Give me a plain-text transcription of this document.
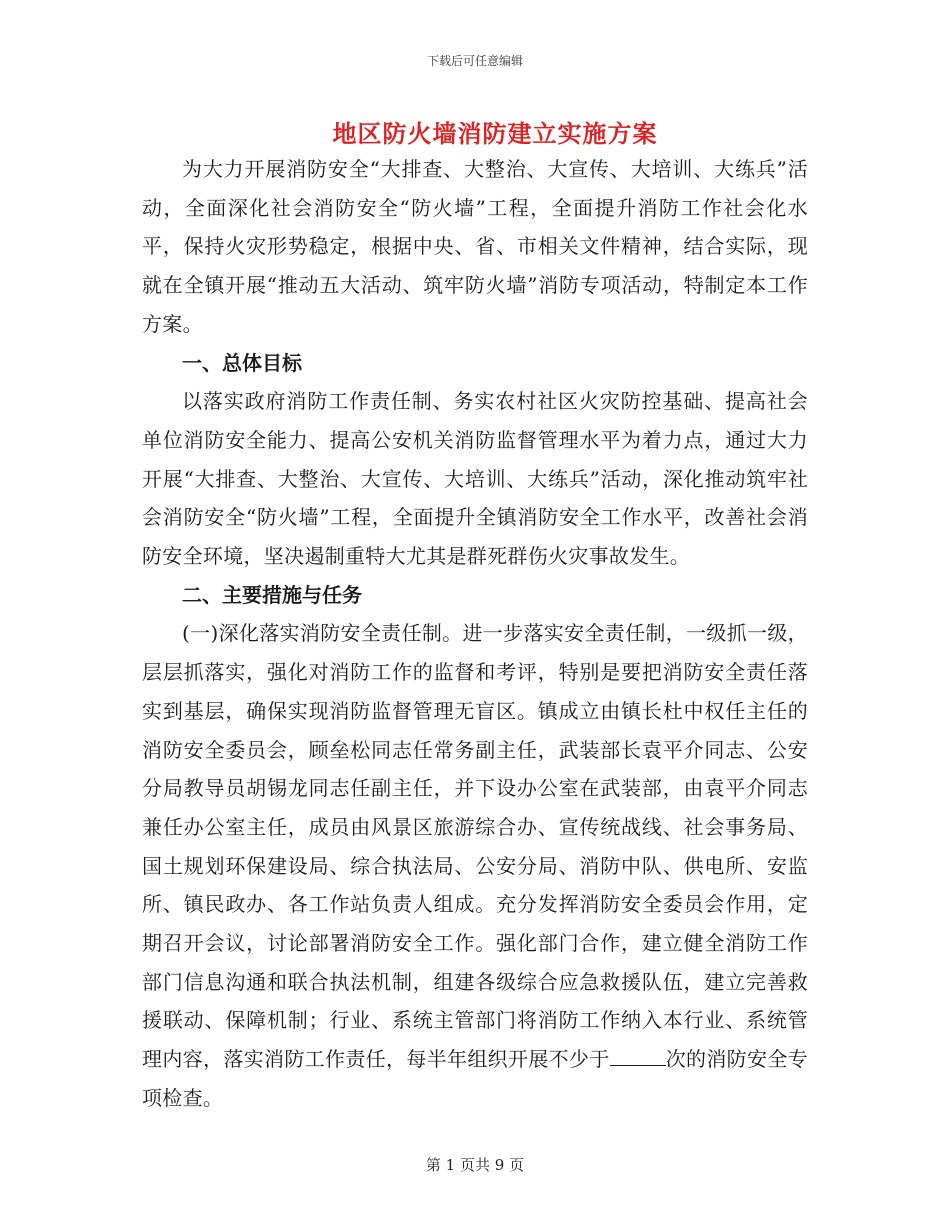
下载后可任意编辑
地区防火墙消防建立实施方案

为大力开展消防安全“大排查、大整治、大宣传、大培训、大练兵”活动，全面深化社会消防安全“防火墙”工程，全面提升消防工作社会化水平，保持火灾形势稳定，根据中央、省、市相关文件精神，结合实际，现就在全镇开展“推动五大活动、筑牢防火墙”消防专项活动，特制定本工作方案。

一、总体目标

以落实政府消防工作责任制、务实农村社区火灾防控基础、提高社会单位消防安全能力、提高公安机关消防监督管理水平为着力点，通过大力开展“大排查、大整治、大宣传、大培训、大练兵”活动，深化推动筑牢社会消防安全“防火墙”工程，全面提升全镇消防安全工作水平，改善社会消防安全环境，坚决遏制重特大尤其是群死群伤火灾事故发生。

二、主要措施与任务

(一)深化落实消防安全责任制。进一步落实安全责任制，一级抓一级，层层抓落实，强化对消防工作的监督和考评，特别是要把消防安全责任落实到基层，确保实现消防监督管理无盲区。镇成立由镇长杜中权任主任的消防安全委员会，顾垒松同志任常务副主任，武装部长袁平介同志、公安分局教导员胡锡龙同志任副主任，并下设办公室在武装部，由袁平介同志兼任办公室主任，成员由风景区旅游综合办、宣传统战线、社会事务局、国土规划环保建设局、综合执法局、公安分局、消防中队、供电所、安监所、镇民政办、各工作站负责人组成。充分发挥消防安全委员会作用，定期召开会议，讨论部署消防安全工作。强化部门合作，建立健全消防工作部门信息沟通和联合执法机制，组建各级综合应急救援队伍，建立完善救援联动、保障机制；行业、系统主管部门将消防工作纳入本行业、系统管理内容，落实消防工作责任，每半年组织开展不少于	次的消防安全专项检查。

第 1 页共 9 页
